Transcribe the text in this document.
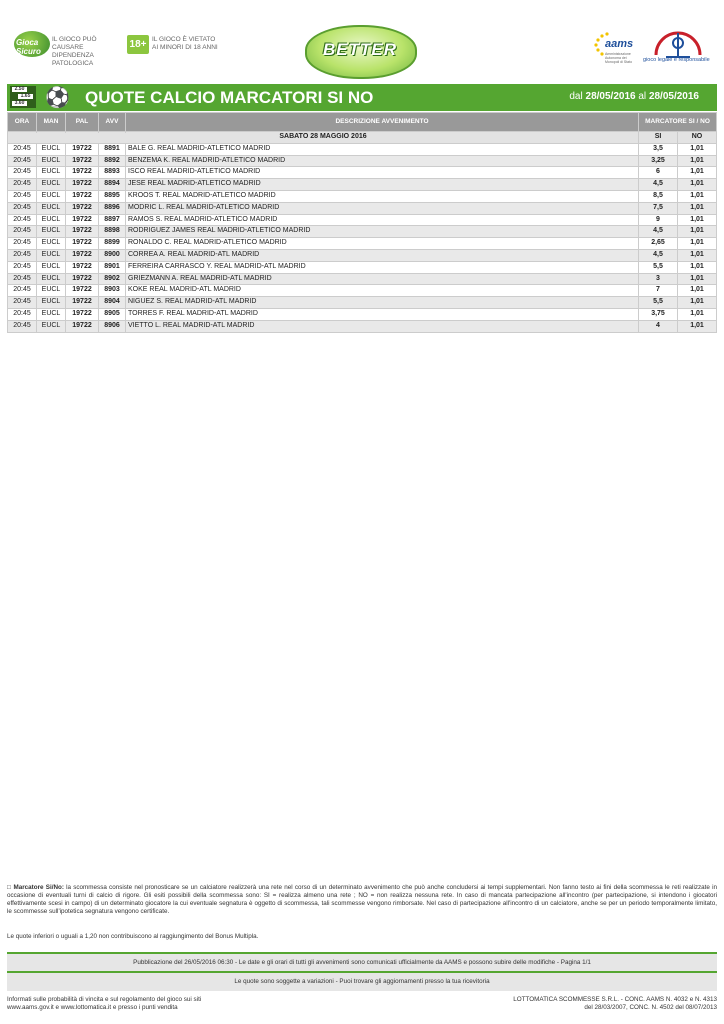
Gioca Sicuro
IL GIOCO PUÒ CAUSARE DIPENDENZA PATOLOGICA
18+ IL GIOCO È VIETATO AI MINORI DI 18 ANNI	BETTER	aams
Amministrazione Autonoma dei Monopoli di Stato	gioco legale e responsabile
2.50
1.65
3.60 ⚽ QUOTE CALCIO MARCATORI SI NO	dal 28/05/2016 al 28/05/2016
ORA	MAN	PAL	AVV	DESCRIZIONE AVVENIMENTO	MARCATORE SI / NO	

SABATO 28 MAGGIO 2016					SI	NO
20:45	EUCL	19722	8891	BALE G. REAL MADRID-ATLETICO MADRID	3,5	1,01
20:45	EUCL	19722	8892	BENZEMA K. REAL MADRID-ATLETICO MADRID	3,25	1,01
20:45	EUCL	19722	8893	ISCO REAL MADRID-ATLETICO MADRID	6	1,01
20:45	EUCL	19722	8894	JESE REAL MADRID-ATLETICO MADRID	4,5	1,01
20:45	EUCL	19722	8895	KROOS T. REAL MADRID-ATLETICO MADRID	8,5	1,01
20:45	EUCL	19722	8896	MODRIC L. REAL MADRID-ATLETICO MADRID	7,5	1,01
20:45	EUCL	19722	8897	RAMOS S. REAL MADRID-ATLETICO MADRID	9	1,01
20:45	EUCL	19722	8898	RODRIGUEZ JAMES REAL MADRID-ATLETICO MADRID	4,5	1,01
20:45	EUCL	19722	8899	RONALDO C. REAL MADRID-ATLETICO MADRID	2,65	1,01
20:45	EUCL	19722	8900	CORREA A. REAL MADRID-ATL MADRID	4,5	1,01
20:45	EUCL	19722	8901	FERREIRA CARRASCO Y. REAL MADRID-ATL MADRID	5,5	1,01
20:45	EUCL	19722	8902	GRIEZMANN A. REAL MADRID-ATL MADRID	3	1,01
20:45	EUCL	19722	8903	KOKE REAL MADRID-ATL MADRID	7	1,01
20:45	EUCL	19722	8904	NIGUEZ S. REAL MADRID-ATL MADRID	5,5	1,01
20:45	EUCL	19722	8905	TORRES F. REAL MADRID-ATL MADRID	3,75	1,01
20:45	EUCL	19722	8906	VIETTO L. REAL MADRID-ATL MADRID	4	1,01
□ Marcatore Si/No: la scommessa consiste nel pronosticare se un calciatore realizzerà una rete nel corso di un determinato avvenimento che può anche concludersi ai tempi supplementari. Non fanno testo ai fini della scommessa le reti realizzate in occasione di eventuali turni di calcio di rigore. Gli esiti possibili della scommessa sono: SI = realizza almeno una rete ; NO = non realizza nessuna rete. In caso di mancata partecipazione all'incontro (per partecipazione, si intendono i giocatori effettivamente scesi in campo) di un determinato giocatore la cui eventuale segnatura è oggetto di scommessa, tali scommesse vengono rimborsate. Nel caso di partecipazione all'incontro di un calciatore, anche se per un periodo temporalmente limitato, le scommesse sull'ipotetica segnatura vengono certificate.
Le quote inferiori o uguali a 1,20 non contribuiscono al raggiungimento del Bonus Multipla.
Pubblicazione del 26/05/2016 06:30 - Le date e gli orari di tutti gli avvenimenti sono comunicati ufficialmente da AAMS e possono subire delle modifiche - Pagina 1/1
Le quote sono soggette a variazioni - Puoi trovare gli aggiornamenti presso la tua ricevitoria
Informati sulle probabilità di vincita e sul regolamento del gioco sui siti
www.aams.gov.it e www.lottomatica.it e presso i punti vendita
LOTTOMATICA SCOMMESSE S.R.L. - CONC. AAMS N. 4032 e N. 4313
del 28/03/2007, CONC. N. 4502 del 08/07/2013
